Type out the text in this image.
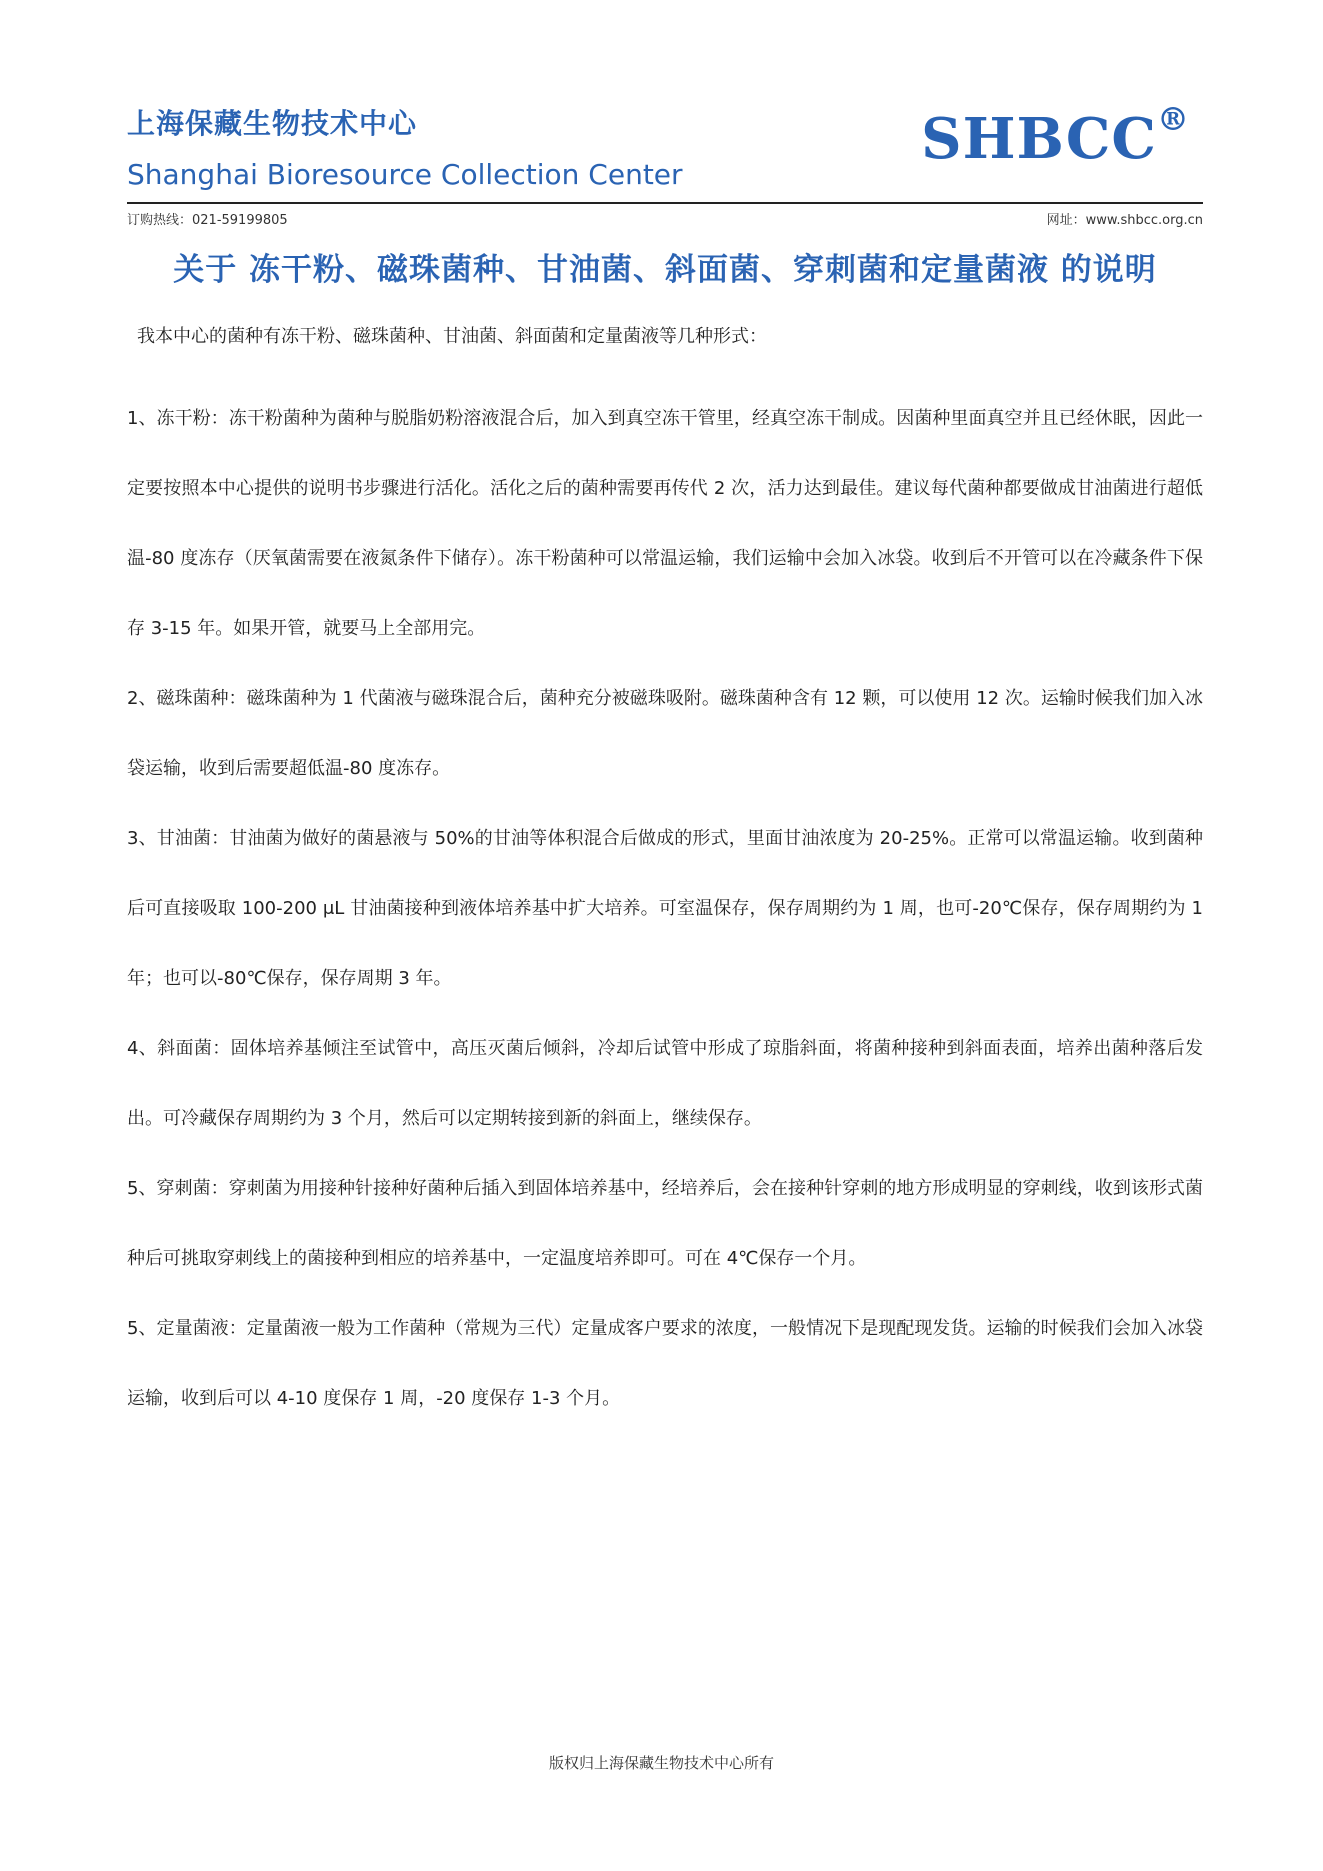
上海保藏生物技术中心
Shanghai Bioresource Collection Center
SHBCC®
订购热线：021-59199805	网址：www.shbcc.org.cn
关于 冻干粉、磁珠菌种、甘油菌、斜面菌、穿刺菌和定量菌液 的说明
我本中心的菌种有冻干粉、磁珠菌种、甘油菌、斜面菌和定量菌液等几种形式：

1、冻干粉：冻干粉菌种为菌种与脱脂奶粉溶液混合后，加入到真空冻干管里，经真空冻干制成。因菌种里面真空并且已经休眠，因此一定要按照本中心提供的说明书步骤进行活化。活化之后的菌种需要再传代 2 次，活力达到最佳。建议每代菌种都要做成甘油菌进行超低温-80 度冻存（厌氧菌需要在液氮条件下储存）。冻干粉菌种可以常温运输，我们运输中会加入冰袋。收到后不开管可以在冷藏条件下保存 3-15 年。如果开管，就要马上全部用完。

2、磁珠菌种：磁珠菌种为 1 代菌液与磁珠混合后，菌种充分被磁珠吸附。磁珠菌种含有 12 颗，可以使用 12 次。运输时候我们加入冰袋运输，收到后需要超低温-80 度冻存。

3、甘油菌：甘油菌为做好的菌悬液与 50%的甘油等体积混合后做成的形式，里面甘油浓度为 20-25%。正常可以常温运输。收到菌种后可直接吸取 100-200 μL 甘油菌接种到液体培养基中扩大培养。可室温保存，保存周期约为 1 周，也可-20℃保存，保存周期约为 1 年；也可以-80℃保存，保存周期 3 年。

4、斜面菌：固体培养基倾注至试管中，高压灭菌后倾斜，冷却后试管中形成了琼脂斜面，将菌种接种到斜面表面，培养出菌种落后发出。可冷藏保存周期约为 3 个月，然后可以定期转接到新的斜面上，继续保存。

5、穿刺菌：穿刺菌为用接种针接种好菌种后插入到固体培养基中，经培养后，会在接种针穿刺的地方形成明显的穿刺线，收到该形式菌种后可挑取穿刺线上的菌接种到相应的培养基中，一定温度培养即可。可在 4℃保存一个月。

5、定量菌液：定量菌液一般为工作菌种（常规为三代）定量成客户要求的浓度，一般情况下是现配现发货。运输的时候我们会加入冰袋运输，收到后可以 4-10 度保存 1 周，-20 度保存 1-3 个月。

版权归上海保藏生物技术中心所有
